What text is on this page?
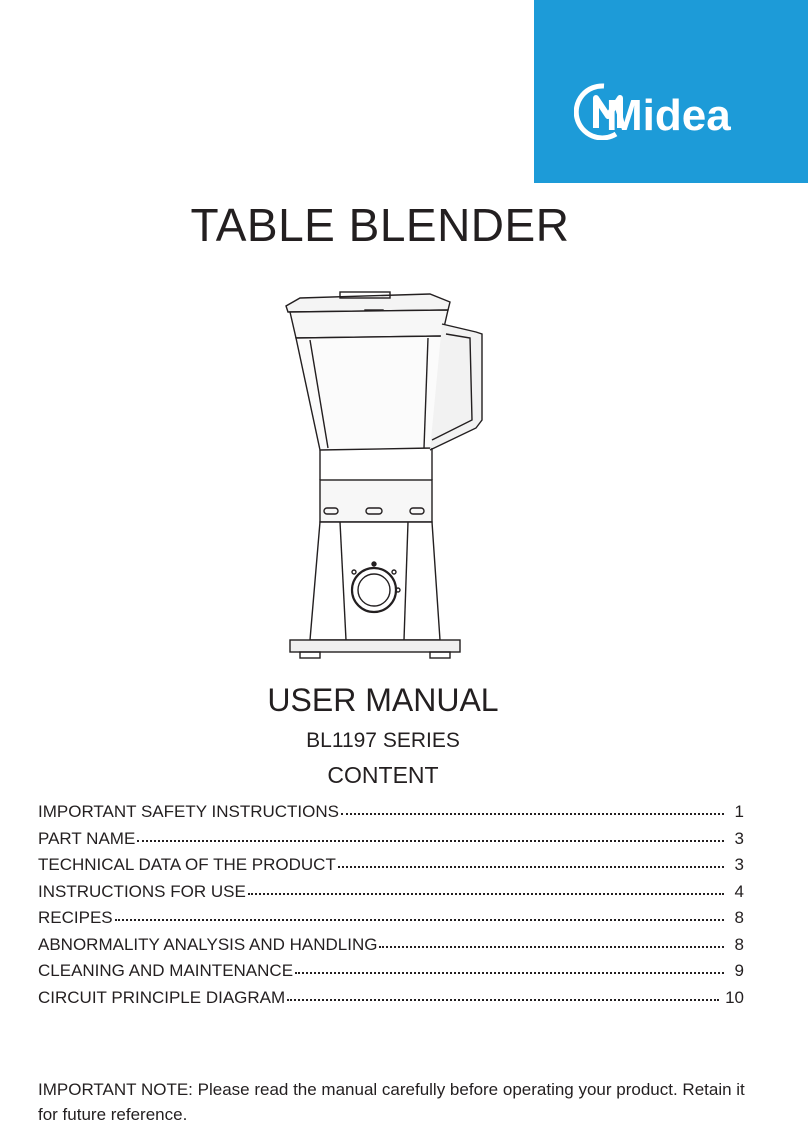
Midea
TABLE BLENDER
USER MANUAL
BL1197 SERIES
CONTENT
IMPORTANT SAFETY INSTRUCTIONS	1
PART NAME	3
TECHNICAL DATA OF THE PRODUCT	3
INSTRUCTIONS FOR USE	4
RECIPES	8
ABNORMALITY ANALYSIS AND HANDLING	8
CLEANING AND MAINTENANCE	9
CIRCUIT PRINCIPLE DIAGRAM	10
IMPORTANT NOTE: Please read the manual carefully before operating your product. Retain it for future reference.
